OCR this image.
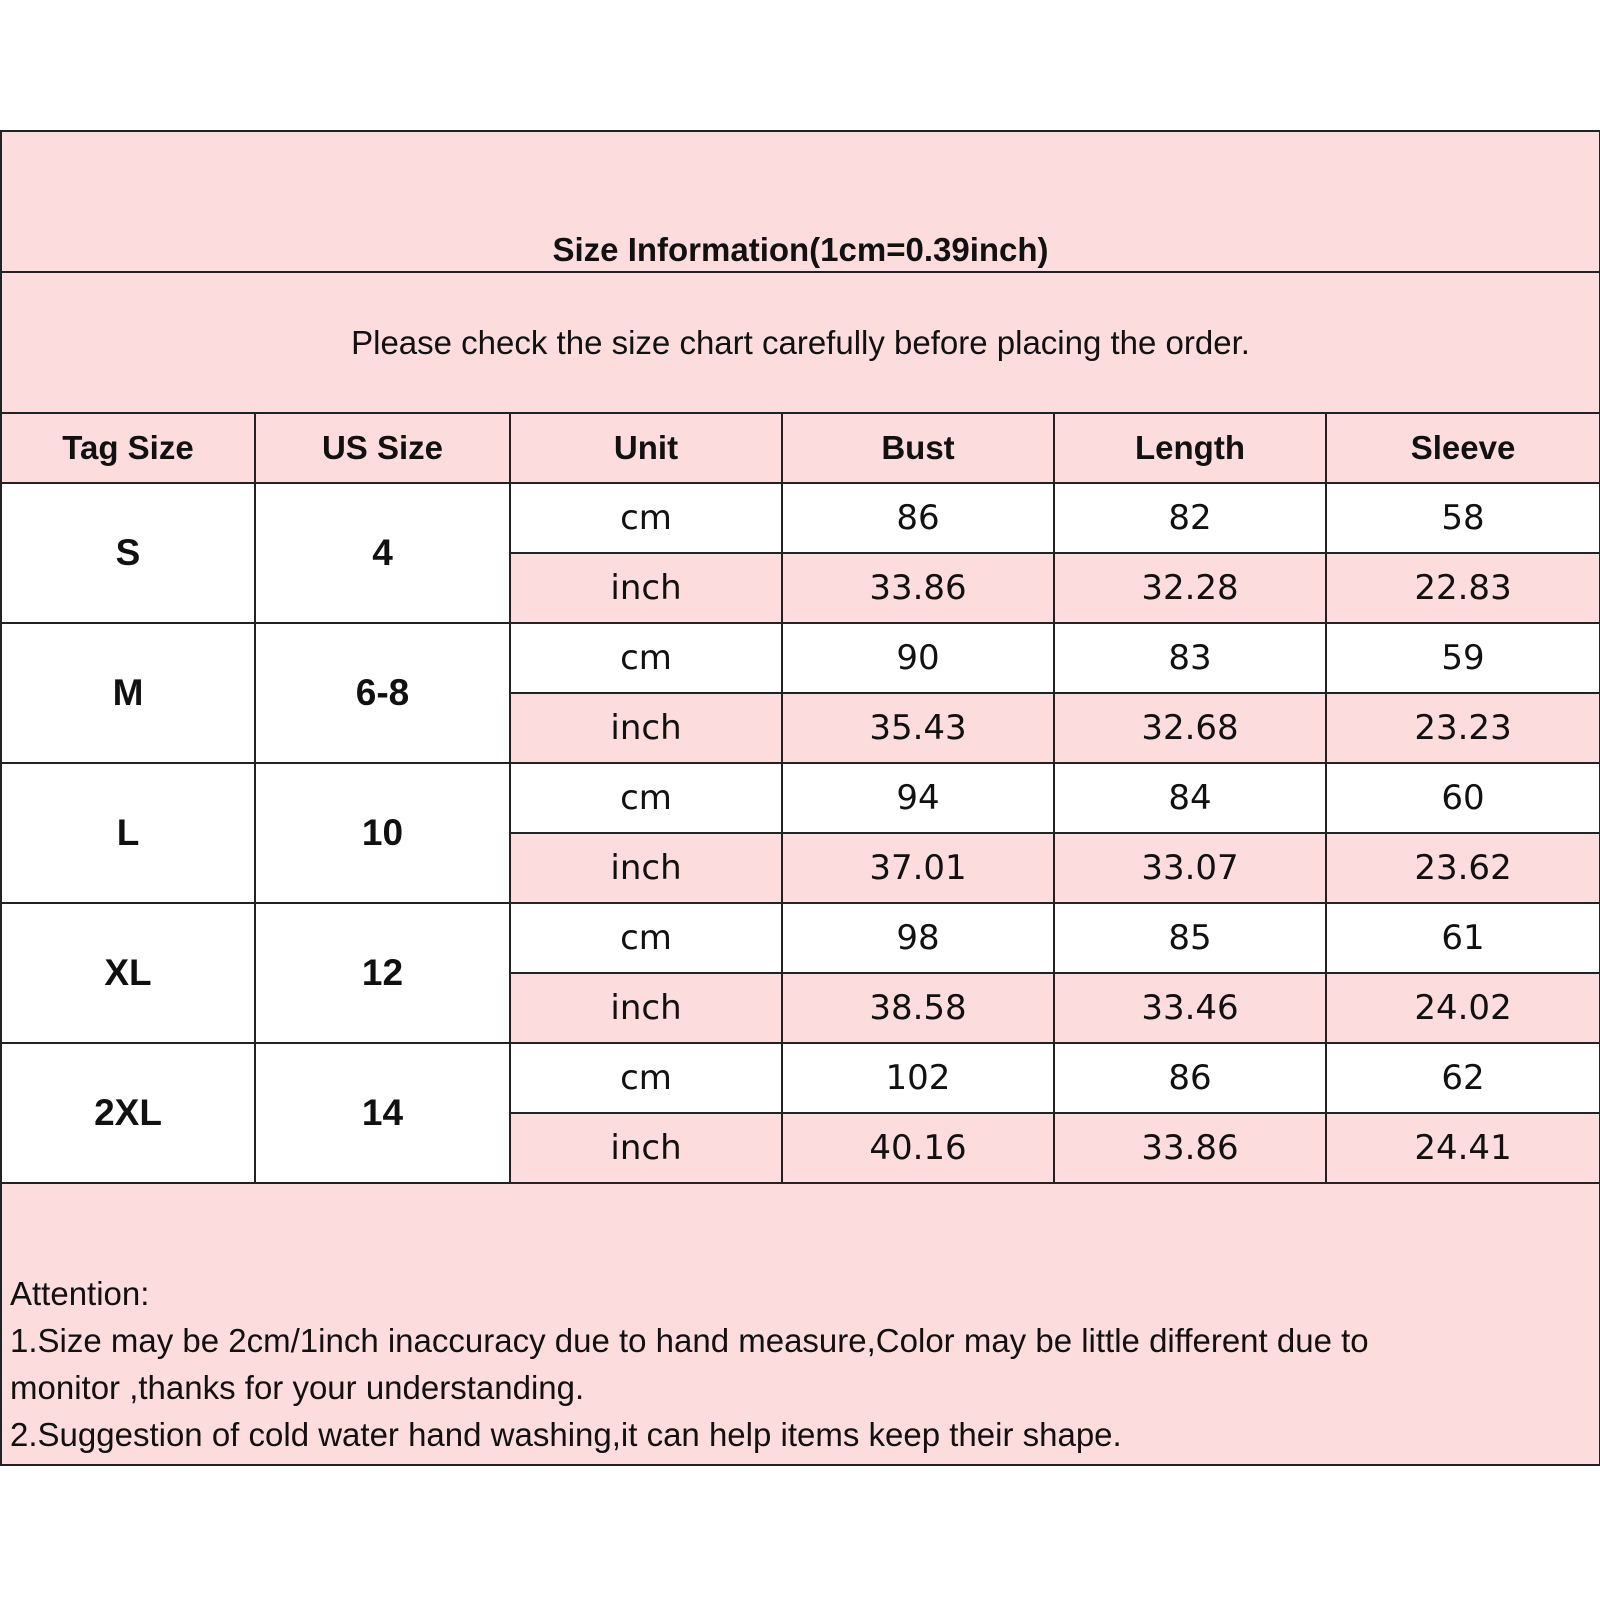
Size Information(1cm=0.39inch)					
Please check the size chart carefully before placing the order.					
Tag Size	US Size	Unit	Bust	Length	Sleeve
S	4	cm	86	82	58
		inch	33.86	32.28	22.83
M	6-8	cm	90	83	59
		inch	35.43	32.68	23.23
L	10	cm	94	84	60
		inch	37.01	33.07	23.62
XL	12	cm	98	85	61
		inch	38.58	33.46	24.02
2XL	14	cm	102	86	62
		inch	40.16	33.86	24.41

Attention:
1.Size may be 2cm/1inch inaccuracy due to hand measure,Color may be little different due to
monitor ,thanks for your understanding.
2.Suggestion of cold water hand washing,it can help items keep their shape.					
